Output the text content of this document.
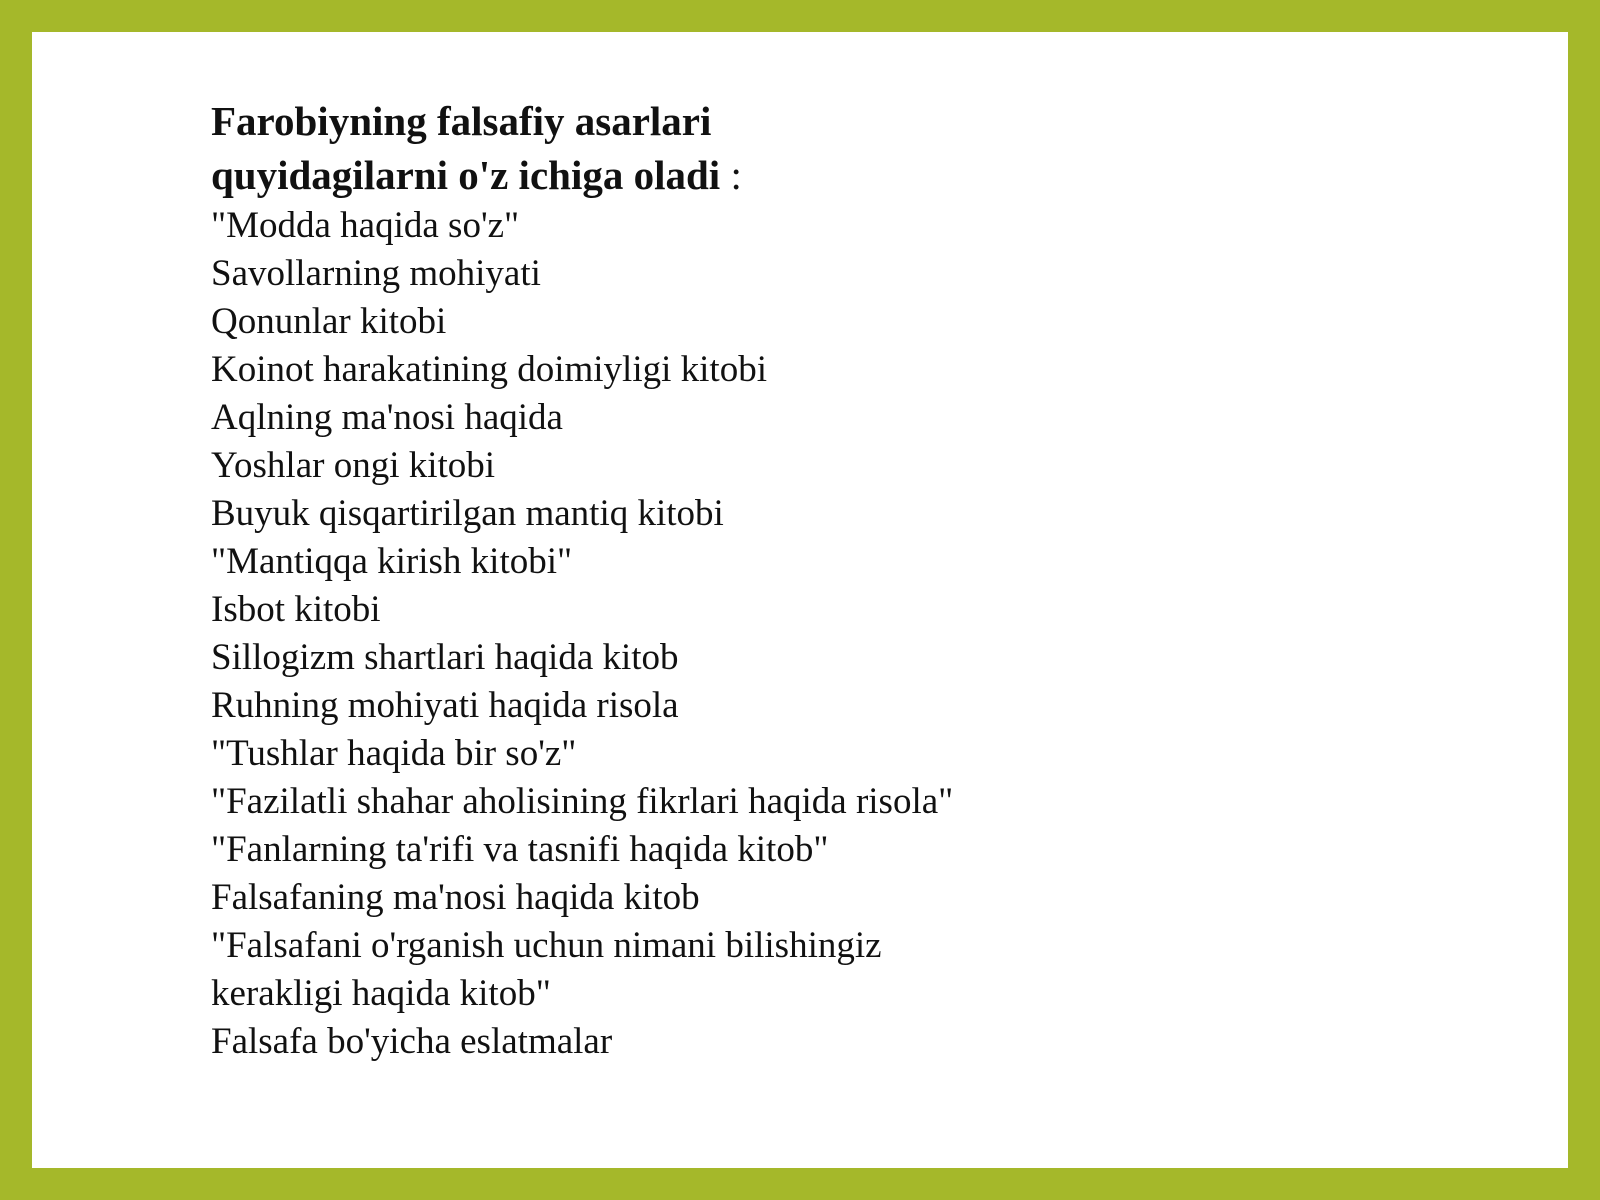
Farobiyning falsafiy asarlari
quyidagilarni o'z ichiga oladi :
"Modda haqida so'z"
Savollarning mohiyati
Qonunlar kitobi
Koinot harakatining doimiyligi kitobi
Aqlning ma'nosi haqida
Yoshlar ongi kitobi
Buyuk qisqartirilgan mantiq kitobi
"Mantiqqa kirish kitobi"
Isbot kitobi
Sillogizm shartlari haqida kitob
Ruhning mohiyati haqida risola
"Tushlar haqida bir so'z"
"Fazilatli shahar aholisining fikrlari haqida risola"
"Fanlarning ta'rifi va tasnifi haqida kitob"
Falsafaning ma'nosi haqida kitob
"Falsafani o'rganish uchun nimani bilishingiz kerakligi haqida kitob"
Falsafa bo'yicha eslatmalar
